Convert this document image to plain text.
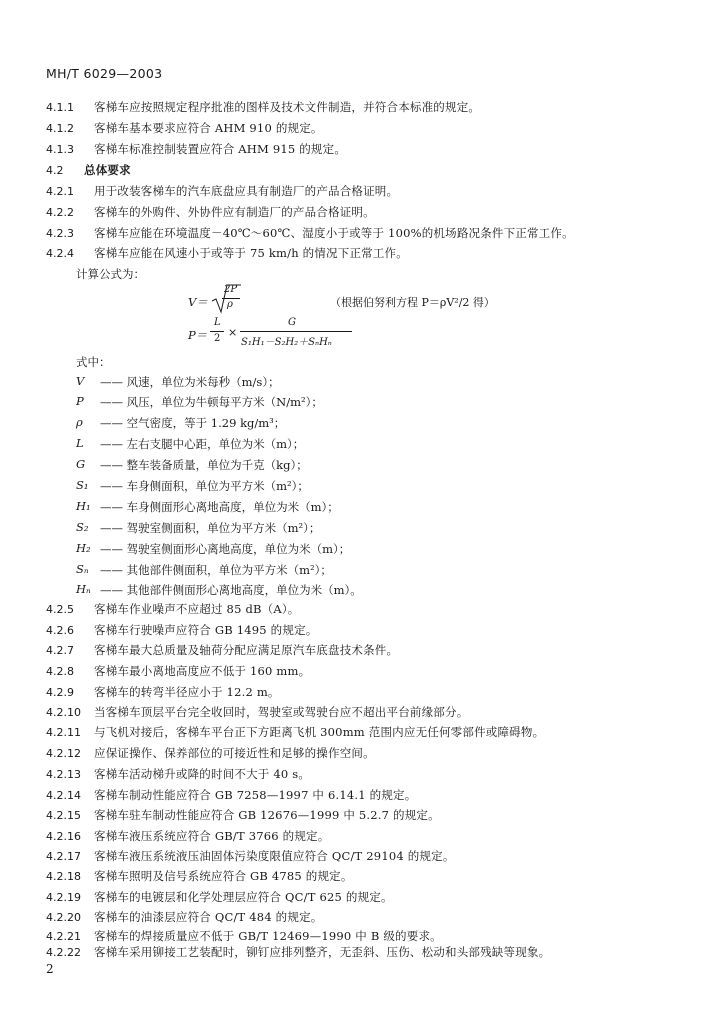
MH/T 6029—2003
4.1.1 客梯车应按照规定程序批准的图样及技术文件制造，并符合本标准的规定。
4.1.2 客梯车基本要求应符合 AHM 910 的规定。
4.1.3 客梯车标准控制装置应符合 AHM 915 的规定。
4.2 总体要求
4.2.1 用于改装客梯车的汽车底盘应具有制造厂的产品合格证明。
4.2.2 客梯车的外购件、外协件应有制造厂的产品合格证明。
4.2.3 客梯车应能在环境温度－40℃～60℃、湿度小于或等于 100%的机场路况条件下正常工作。
4.2.4 客梯车应能在风速小于或等于 75 km/h 的情况下正常工作。
计算公式为：
V＝
2P
ρ	（根据伯努利方程 P＝ρV²/2 得）
P＝
L
2 ×
G
S₁H₁－S₂H₂＋SₙHₙ
式中：
V	—— 风速，单位为米每秒（m/s）；
P	—— 风压，单位为牛顿每平方米（N/m²）；
ρ	—— 空气密度，等于 1.29 kg/m³；
L	—— 左右支腿中心距，单位为米（m）；
G	—— 整车装备质量，单位为千克（kg）；
S₁	—— 车身侧面积，单位为平方米（m²）；
H₁ —— 车身侧面形心离地高度，单位为米（m）；
S₂	—— 驾驶室侧面积，单位为平方米（m²）；
H₂ —— 驾驶室侧面形心离地高度，单位为米（m）；
Sₙ —— 其他部件侧面积，单位为平方米（m²）；
Hₙ —— 其他部件侧面形心离地高度，单位为米（m）。
4.2.5 客梯车作业噪声不应超过 85 dB（A）。
4.2.6 客梯车行驶噪声应符合 GB 1495 的规定。
4.2.7 客梯车最大总质量及轴荷分配应满足原汽车底盘技术条件。
4.2.8 客梯车最小离地高度应不低于 160 mm。
4.2.9 客梯车的转弯半径应小于 12.2 m。
4.2.10 当客梯车顶层平台完全收回时，驾驶室或驾驶台应不超出平台前缘部分。
4.2.11 与飞机对接后，客梯车平台正下方距离飞机 300mm 范围内应无任何零部件或障碍物。
4.2.12 应保证操作、保养部位的可接近性和足够的操作空间。
4.2.13 客梯车活动梯升或降的时间不大于 40 s。
4.2.14 客梯车制动性能应符合 GB 7258—1997 中 6.14.1 的规定。
4.2.15 客梯车驻车制动性能应符合 GB 12676—1999 中 5.2.7 的规定。
4.2.16 客梯车液压系统应符合 GB/T 3766 的规定。
4.2.17 客梯车液压系统液压油固体污染度限值应符合 QC/T 29104 的规定。
4.2.18 客梯车照明及信号系统应符合 GB 4785 的规定。
4.2.19 客梯车的电镀层和化学处理层应符合 QC/T 625 的规定。
4.2.20 客梯车的油漆层应符合 QC/T 484 的规定。
4.2.21 客梯车的焊接质量应不低于 GB/T 12469—1990 中 B 级的要求。
4.2.22 客梯车采用铆接工艺装配时，铆钉应排列整齐，无歪斜、压伤、松动和头部残缺等现象。
2
